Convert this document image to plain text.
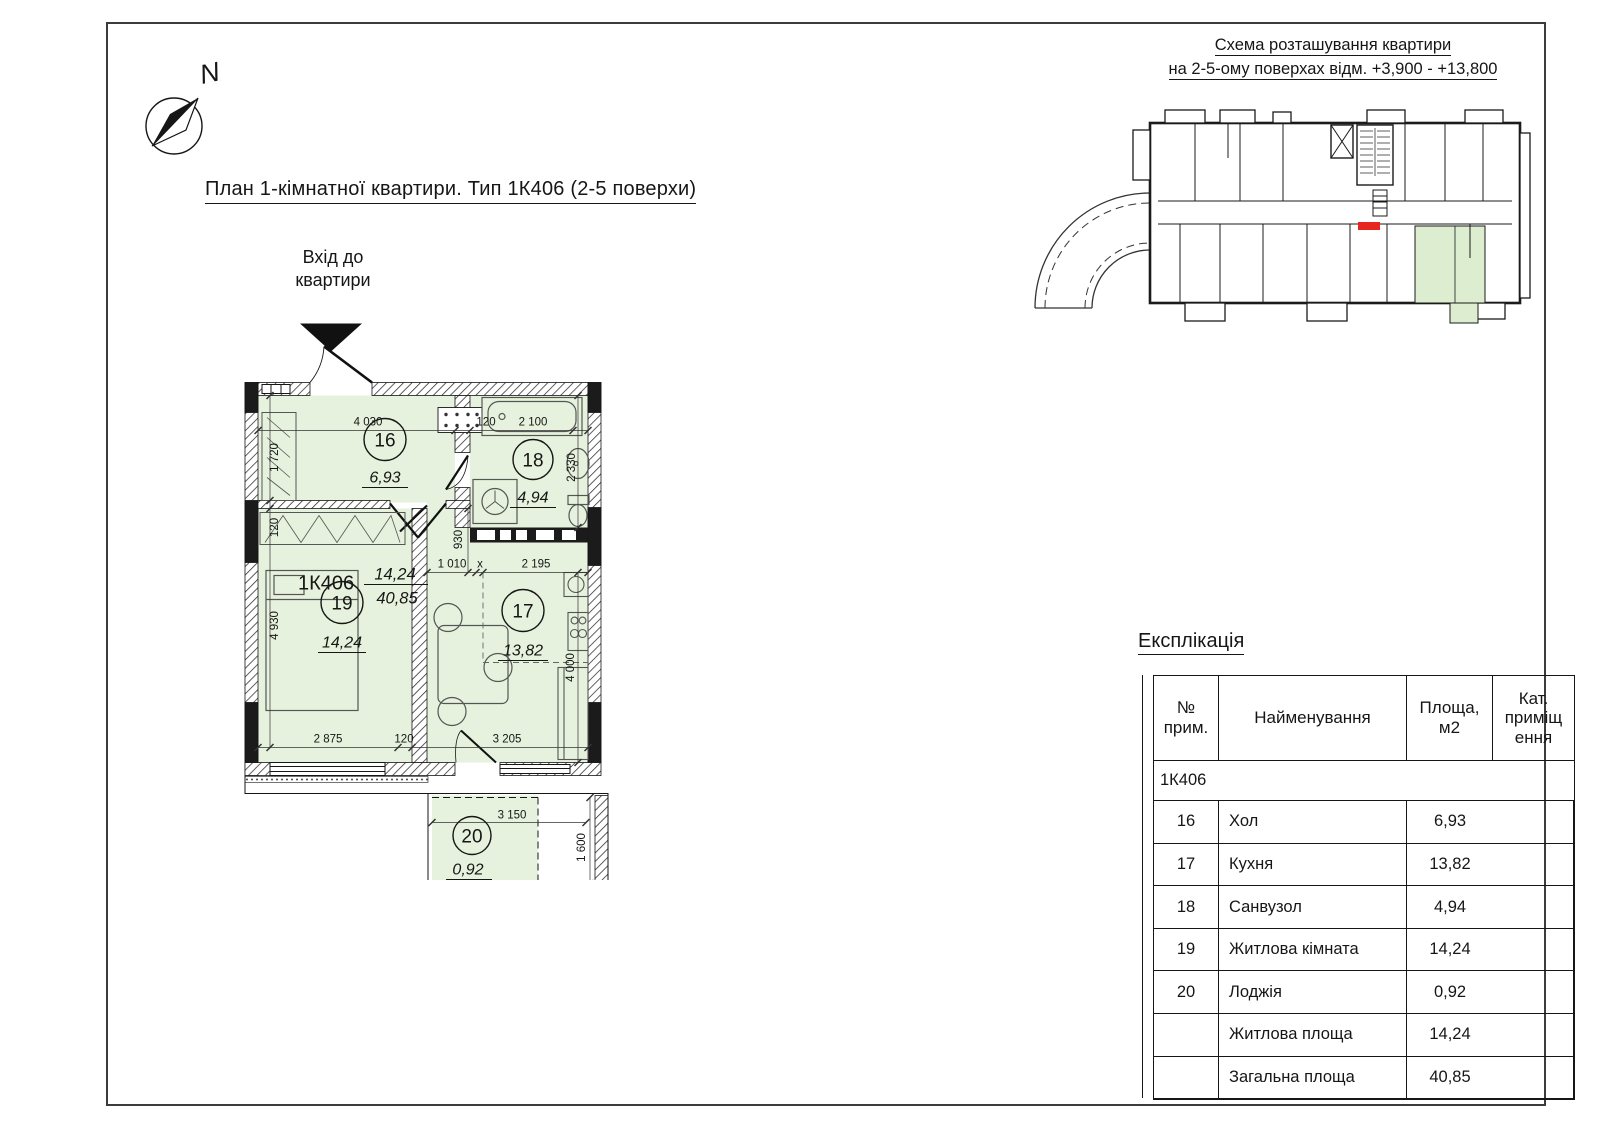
N
План 1-кімнатної квартири. Тип 1К406 (2-5 поверхи)
Вхід до
квартири
4 030
1 720
120
120 2 100
2 330
930
1 010 x	2 195
4 930
2 875	120	3 205
4 000
3 150
1 600
1К406 14,24
40,85
16
6,93
18
4,94
19
14,24
17
13,82
20
0,92
Схема розташування квартири
на 2-5-ому поверхах відм. +3,900 - +13,800
Експлікація
№
прим.
Найменування
Площа,
м2
Кат.
приміщ
ення
1К406
16	Хол	6,93
17	Кухня	13,82
18	Санвузол	4,94
19	Житлова кімната	14,24
20	Лоджія	0,92
Житлова площа	14,24
Загальна площа	40,85
